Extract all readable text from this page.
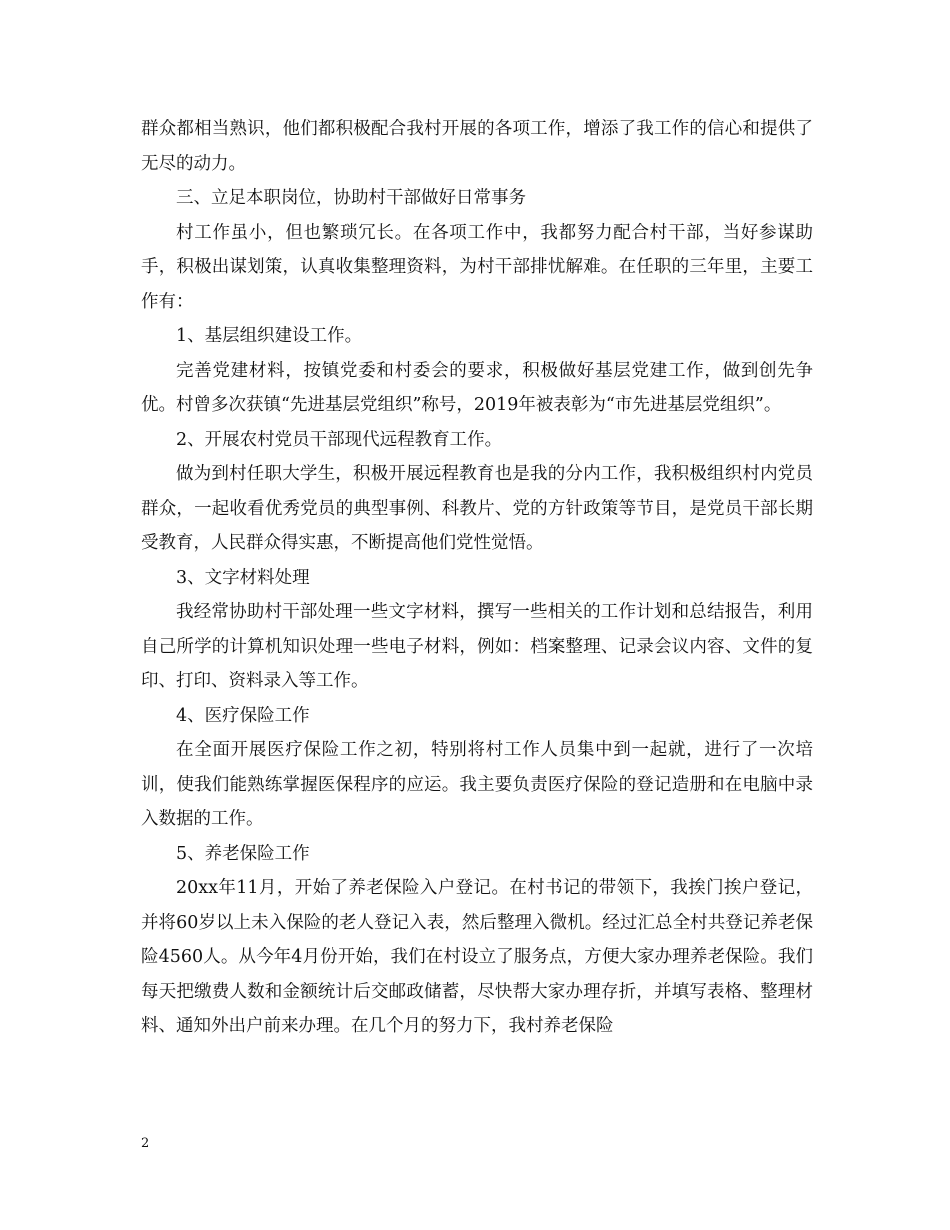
群众都相当熟识，他们都积极配合我村开展的各项工作，增添了我工作的信心和提供了无尽的动力。

三、立足本职岗位，协助村干部做好日常事务

村工作虽小，但也繁琐冗长。在各项工作中，我都努力配合村干部，当好参谋助手，积极出谋划策，认真收集整理资料，为村干部排忧解难。在任职的三年里，主要工作有：

1、基层组织建设工作。

完善党建材料，按镇党委和村委会的要求，积极做好基层党建工作，做到创先争优。村曾多次获镇“先进基层党组织”称号，2019年被表彰为“市先进基层党组织”。

2、开展农村党员干部现代远程教育工作。

做为到村任职大学生，积极开展远程教育也是我的分内工作，我积极组织村内党员群众，一起收看优秀党员的典型事例、科教片、党的方针政策等节目，是党员干部长期受教育，人民群众得实惠，不断提高他们党性觉悟。

3、文字材料处理

我经常协助村干部处理一些文字材料，撰写一些相关的工作计划和总结报告，利用自己所学的计算机知识处理一些电子材料，例如：档案整理、记录会议内容、文件的复印、打印、资料录入等工作。

4、医疗保险工作

在全面开展医疗保险工作之初，特别将村工作人员集中到一起就，进行了一次培训，使我们能熟练掌握医保程序的应运。我主要负责医疗保险的登记造册和在电脑中录入数据的工作。

5、养老保险工作

20xx年11月，开始了养老保险入户登记。在村书记的带领下，我挨门挨户登记，并将60岁以上未入保险的老人登记入表，然后整理入微机。经过汇总全村共登记养老保险4560人。从今年4月份开始，我们在村设立了服务点，方便大家办理养老保险。我们每天把缴费人数和金额统计后交邮政储蓄，尽快帮大家办理存折，并填写表格、整理材料、通知外出户前来办理。在几个月的努力下，我村养老保险

2
